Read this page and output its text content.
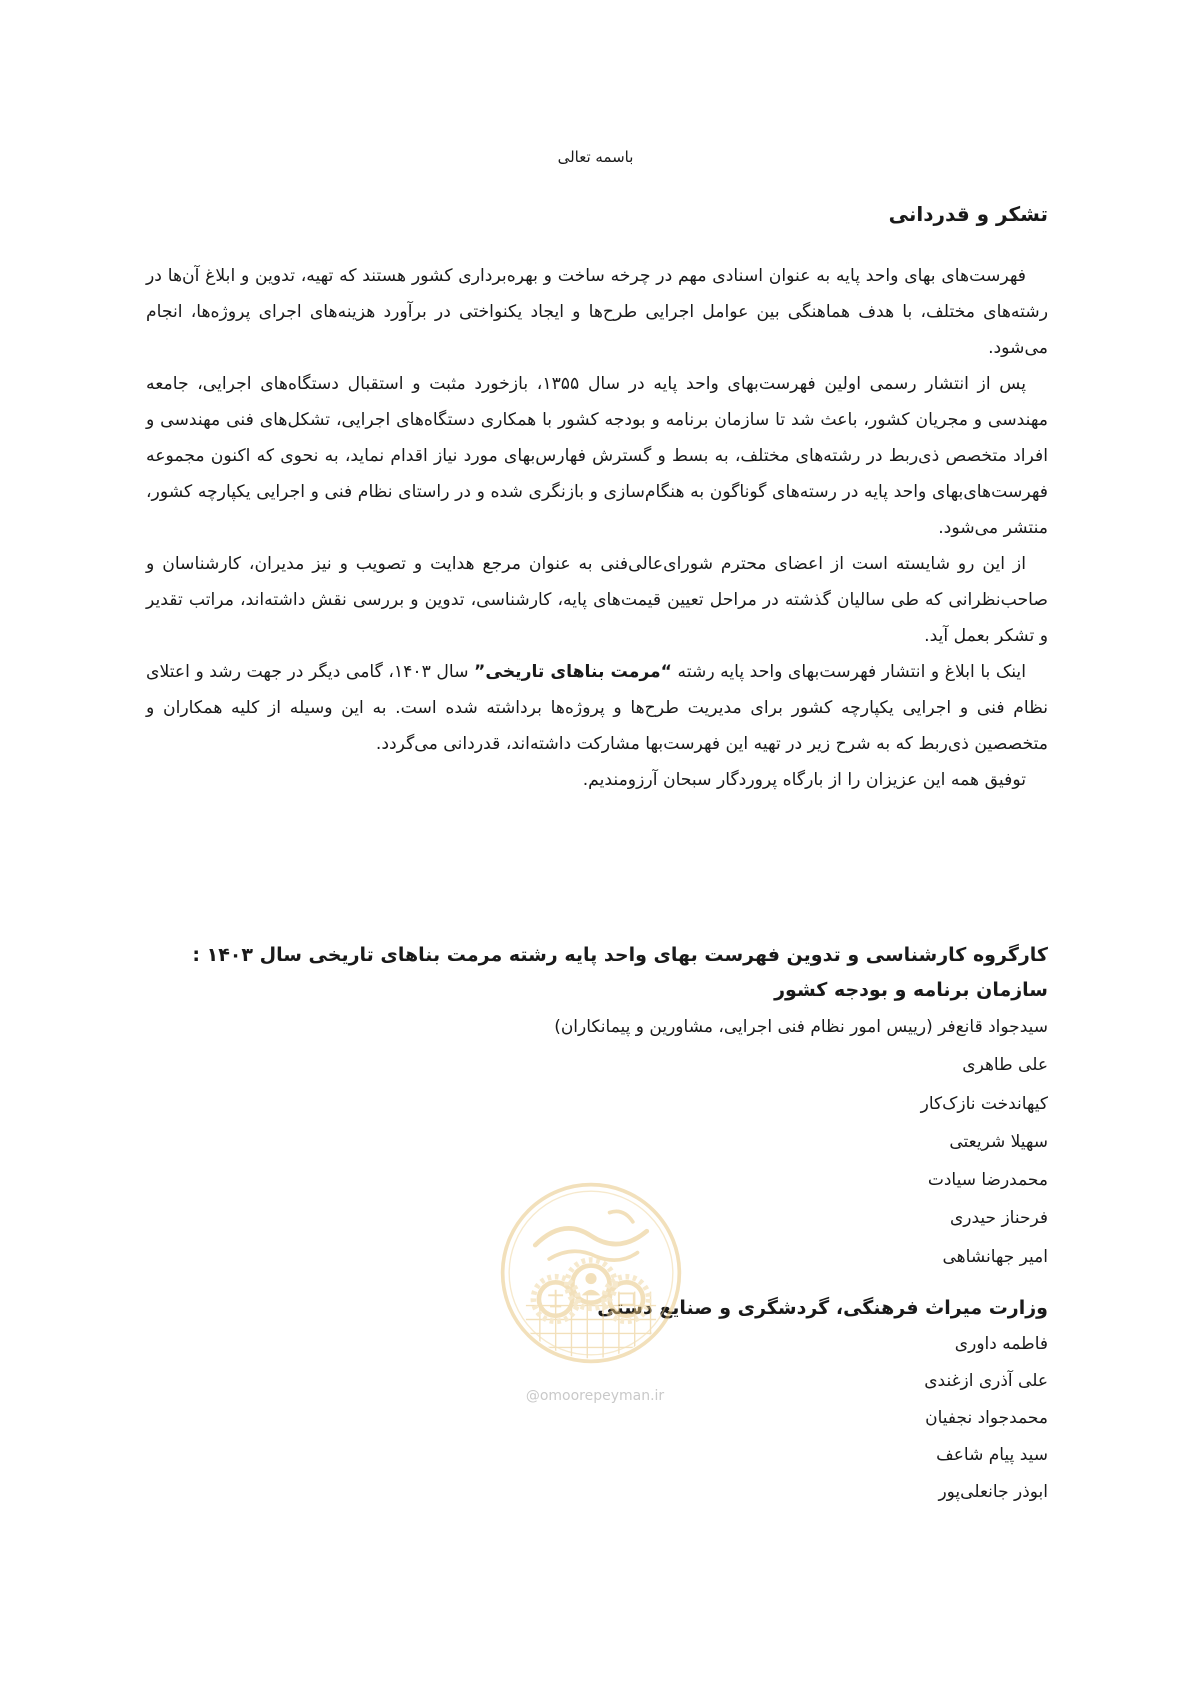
باسمه تعالی
تشکر و قدردانی

فهرست‌های بهای واحد پایه به عنوان اسنادی مهم در چرخه ساخت و بهره‌برداری کشور هستند که تهیه، تدوین و ابلاغ آن‌ها در رشته‌های مختلف، با هدف هماهنگی بین عوامل اجرایی طرح‌ها و ایجاد یکنواختی در برآورد هزینه‌های اجرای پروژه‌ها، انجام می‌شود.

پس از انتشار رسمی اولین فهرست‌بهای واحد پایه در سال ۱۳۵۵، بازخورد مثبت و استقبال دستگاه‌های اجرایی، جامعه مهندسی و مجریان کشور، باعث شد تا سازمان برنامه و بودجه کشور با همکاری دستگاه‌های اجرایی، تشکل‌های فنی مهندسی و افراد متخصص ذی‌ربط در رشته‌های مختلف، به بسط و گسترش فهارس‌بهای مورد نیاز اقدام نماید، به نحوی که اکنون مجموعه فهرست‌های‌بهای واحد پایه در رسته‌های گوناگون به هنگام‌سازی و بازنگری شده و در راستای نظام فنی و اجرایی یکپارچه کشور، منتشر می‌شود.

از این رو شایسته است از اعضای محترم شورای‌عالی‌فنی به عنوان مرجع هدایت و تصویب و نیز مدیران، کارشناسان و صاحب‌نظرانی که طی سالیان گذشته در مراحل تعیین قیمت‌های پایه، کارشناسی، تدوین و بررسی نقش داشته‌اند، مراتب تقدیر و تشکر بعمل آید.

اینک با ابلاغ و انتشار فهرست‌بهای واحد پایه رشته “مرمت بناهای تاریخی” سال ۱۴۰۳، گامی دیگر در جهت رشد و اعتلای نظام فنی و اجرایی یکپارچه کشور برای مدیریت طرح‌ها و پروژه‌ها برداشته شده است. به این وسیله از کلیه همکاران و متخصصین ذی‌ربط که به شرح زیر در تهیه این فهرست‌بها مشارکت داشته‌اند، قدردانی می‌گردد.

توفیق همه این عزیزان را از بارگاه پروردگار سبحان آرزومندیم.

کارگروه کارشناسی و تدوین فهرست بهای واحد پایه رشته مرمت بناهای تاریخی سال ۱۴۰۳ :
سازمان برنامه و بودجه کشور
سیدجواد قانع‌فر (رییس امور نظام فنی اجرایی، مشاورین و پیمانکاران)
علی طاهری
کیهاندخت نازک‌کار
سهیلا شریعتی
محمدرضا سیادت
فرحناز حیدری
امیر جهانشاهی
وزارت میراث فرهنگی، گردشگری و صنایع دستی
فاطمه داوری
علی آذری ازغندی
محمدجواد نجفیان
سید پیام شاعف
ابوذر جانعلی‌پور
@omoorepeyman.ir
